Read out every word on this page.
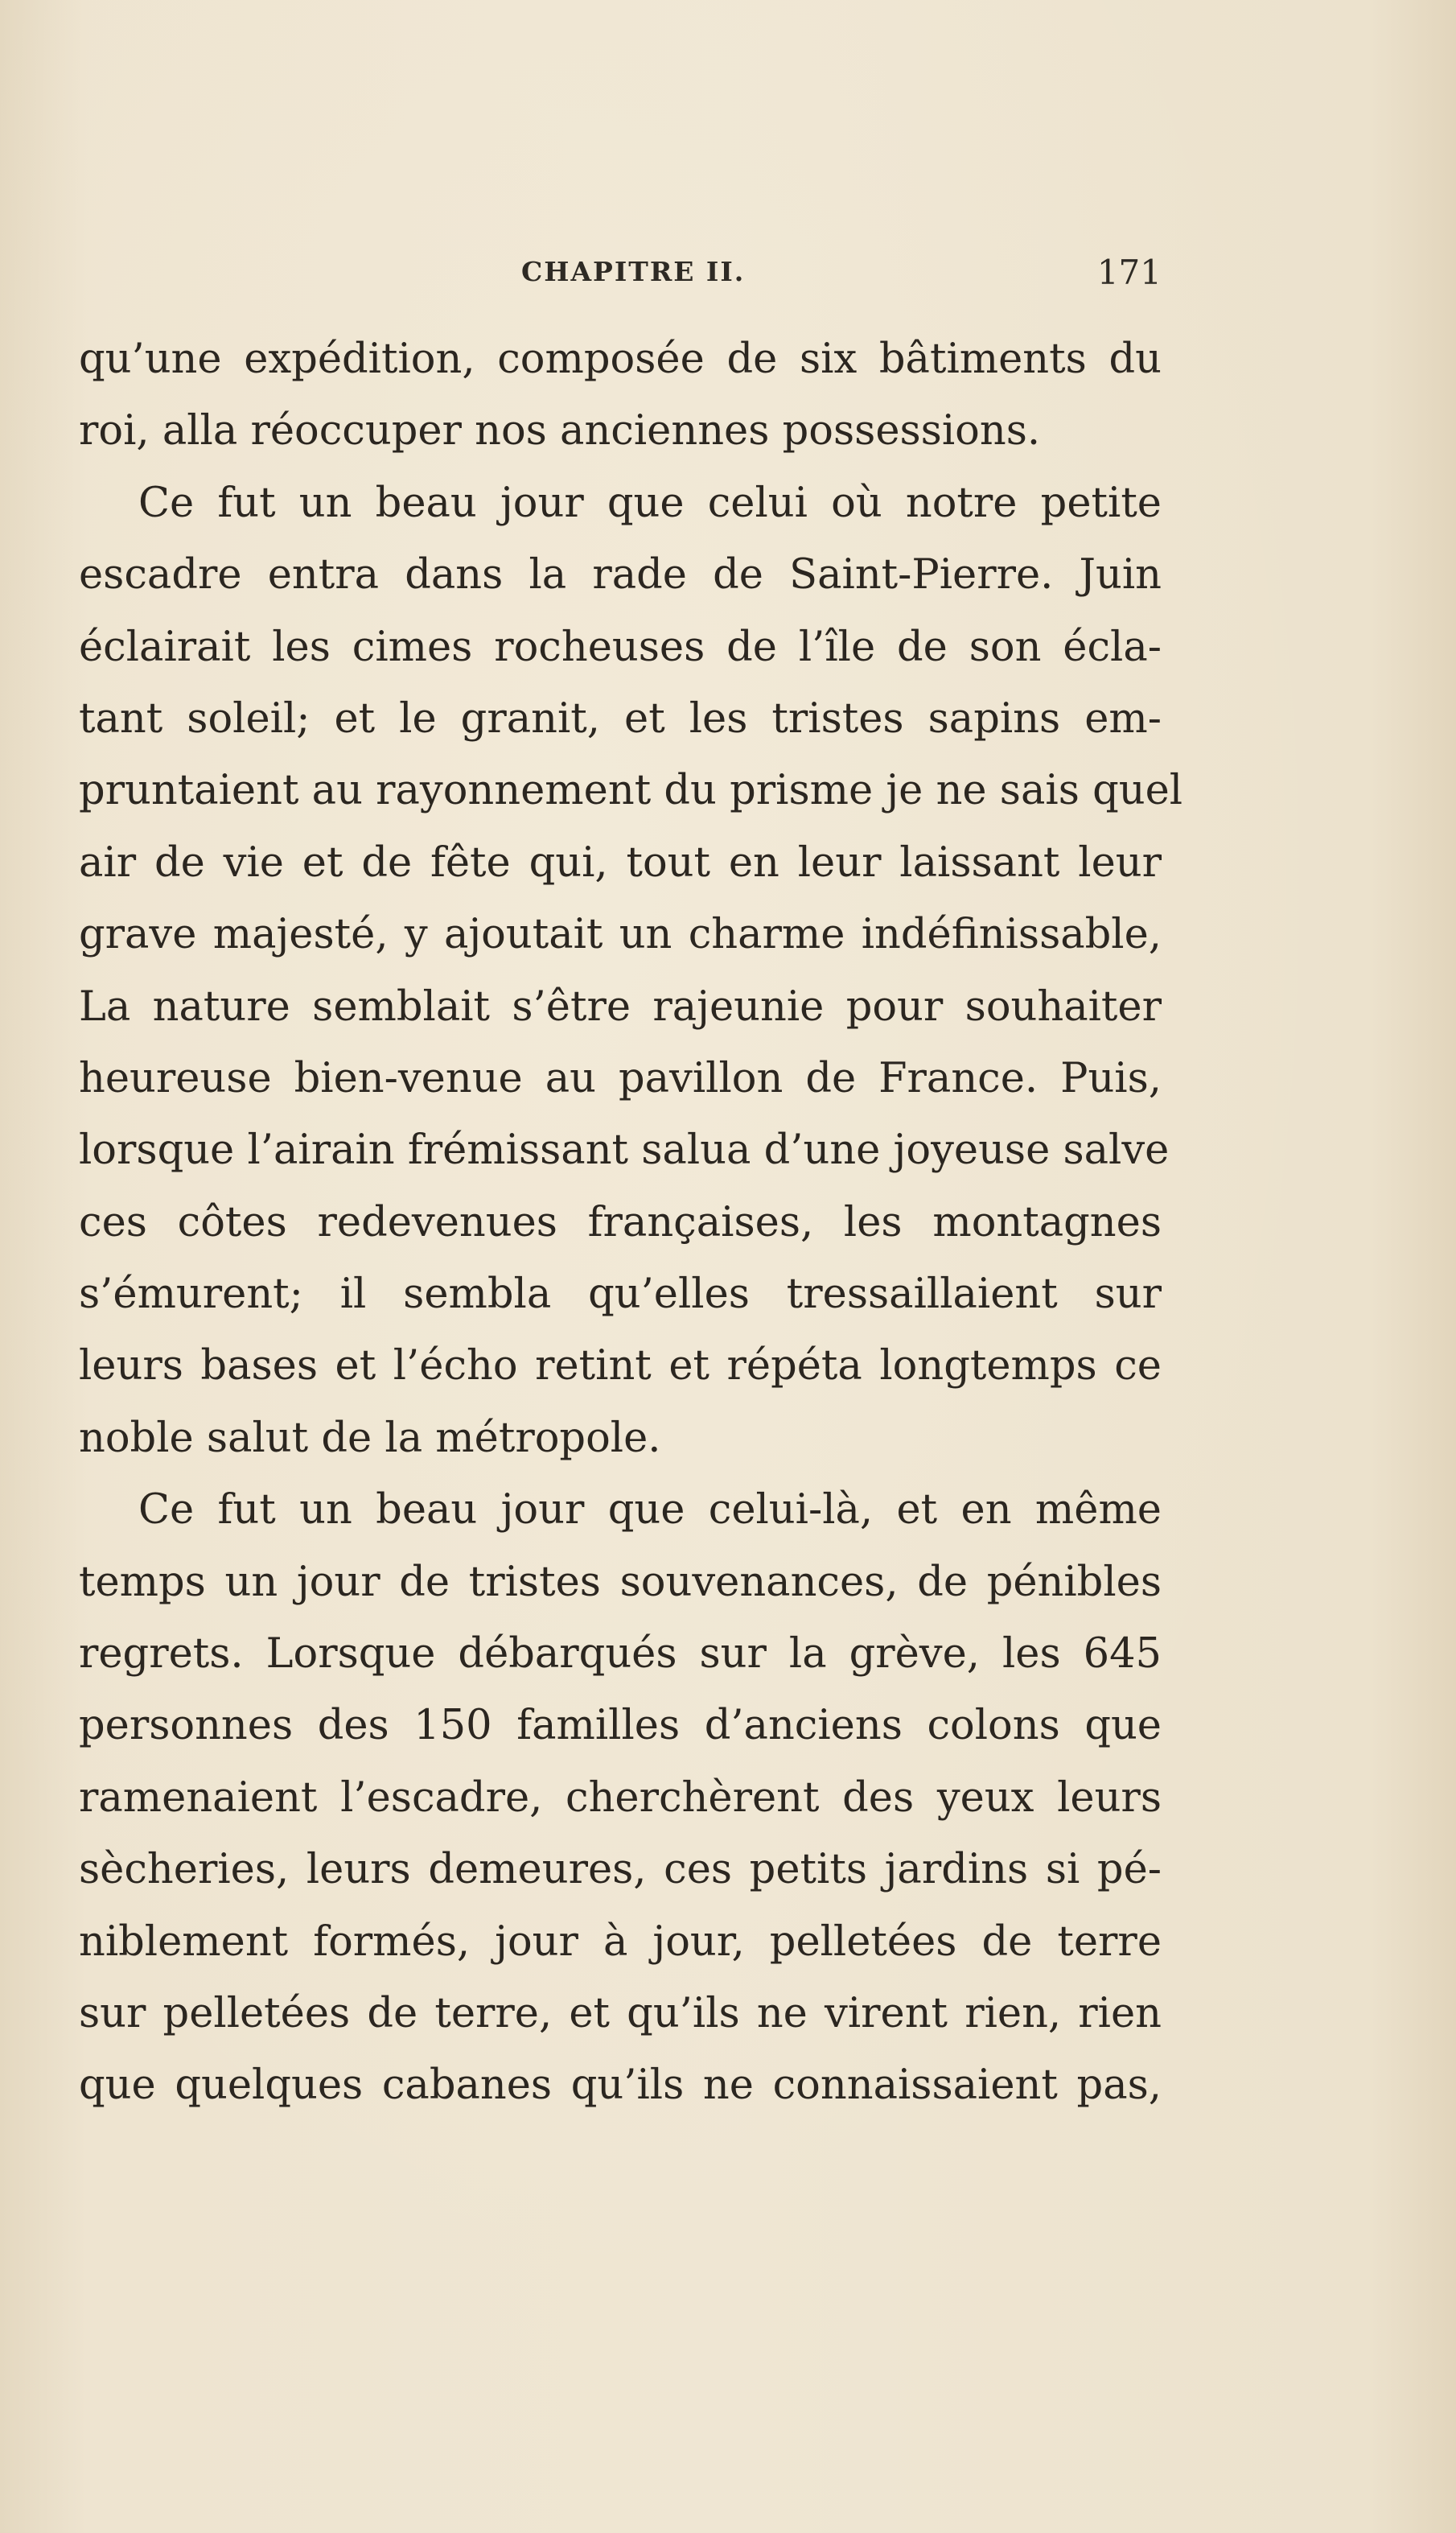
CHAPITRE II.	171
qu’une expédition, composée de six bâtiments du
roi, alla réoccuper nos anciennes possessions.
Ce fut un beau jour que celui où notre petite
escadre entra dans la rade de Saint-Pierre. Juin
éclairait les cimes rocheuses de l’île de son écla-
tant soleil; et le granit, et les tristes sapins em-
pruntaient au rayonnement du prisme je ne sais quel
air de vie et de fête qui, tout en leur laissant leur
grave majesté, y ajoutait un charme indéfinissable,
La nature semblait s’être rajeunie pour souhaiter
heureuse bien-venue au pavillon de France. Puis,
lorsque l’airain frémissant salua d’une joyeuse salve
ces côtes redevenues françaises, les montagnes
s’émurent; il sembla qu’elles tressaillaient sur
leurs bases et l’écho retint et répéta longtemps ce
noble salut de la métropole.
Ce fut un beau jour que celui-là, et en même
temps un jour de tristes souvenances, de pénibles
regrets. Lorsque débarqués sur la grève, les 645
personnes des 150 familles d’anciens colons que
ramenaient l’escadre, cherchèrent des yeux leurs
sècheries, leurs demeures, ces petits jardins si pé-
niblement formés, jour à jour, pelletées de terre
sur pelletées de terre, et qu’ils ne virent rien, rien
que quelques cabanes qu’ils ne connaissaient pas,
